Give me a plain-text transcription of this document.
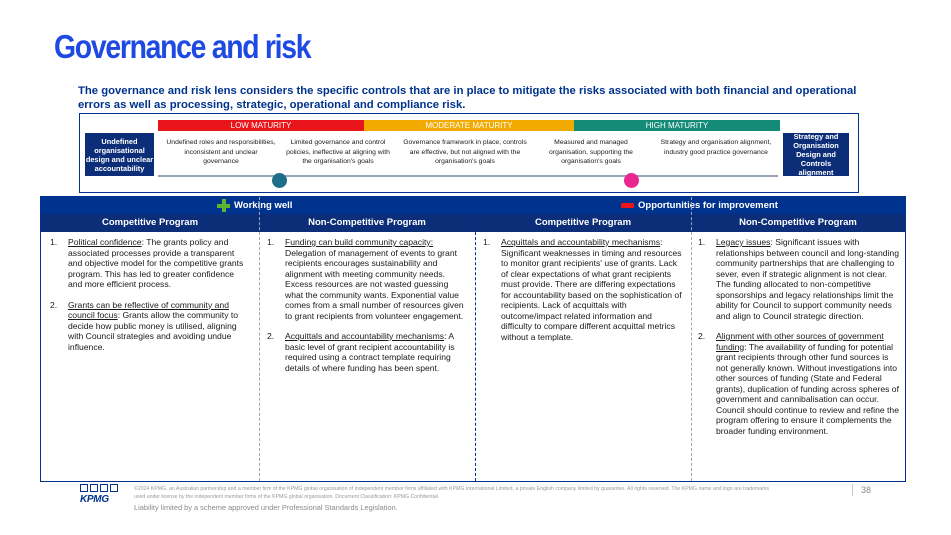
Governance and risk
The governance and risk lens considers the specific controls that are in place to mitigate the risks associated with both financial and operational errors as well as processing, strategic, operational and compliance risk.
Undefined organisational design and unclear accountability
LOW MATURITY	MODERATE MATURITY	HIGH MATURITY
Undefined roles and responsibilities, inconsistent and unclear governance
Limited governance and control policies, ineffective at aligning with the organisation's goals
Governance framework in place, controls are effective, but not aligned with the organisation's goals
Measured and managed organisation, supporting the organisation's goals
Strategy and organisation alignment, industry good practice governance
Strategy and Organisation Design and Controls alignment
Working well	Opportunities for improvement
Competitive Program	Non-Competitive Program	Competitive Program	Non-Competitive Program
1. Political confidence: The grants policy and associated processes provide a transparent and objective model for the competitive grants program. This has led to greater confidence and more efficient process.
2. Grants can be reflective of community and council focus: Grants allow the community to decide how public money is utilised, aligning with Council strategies and avoiding undue influence.
1. Funding can build community capacity: Delegation of management of events to grant recipients encourages sustainability and alignment with meeting community needs. Excess resources are not wasted guessing what the community wants. Exponential value comes from a small number of resources given to grant recipients from volunteer engagement.
2. Acquittals and accountability mechanisms: A basic level of grant recipient accountability is required using a contract template requiring details of where funding has been spent.
1. Acquittals and accountability mechanisms: Significant weaknesses in timing and resources to monitor grant recipients' use of grants. Lack of clear expectations of what grant recipients must provide. There are differing expectations for accountability based on the sophistication of recipients. Lack of acquittals with outcome/impact related information and difficulty to compare different acquittal metrics without a template.
1. Legacy issues: Significant issues with relationships between council and long-standing community partnerships that are challenging to sever, even if strategic alignment is not clear. The funding allocated to non-competitive sponsorships and legacy relationships limit the ability for Council to support community needs and align to Council strategic direction.
2. Alignment with other sources of government funding: The availability of funding for potential grant recipients through other fund sources is not generally known. Without investigations into other sources of funding (State and Federal grants), duplication of funding across spheres of government and cannibalisation can occur. Council should continue to review and refine the program offering to ensure it complements the broader funding environment.
KPMG
©2024 KPMG, an Australian partnership and a member firm of the KPMG global organisation of independent member firms affiliated with KPMG International Limited, a private English company limited by guarantee. All rights reserved. The KPMG name and logo are trademarks used under license by the independent member firms of the KPMG global organisation. Document Classification: KPMG Confidential
Liability limited by a scheme approved under Professional Standards Legislation.
38
